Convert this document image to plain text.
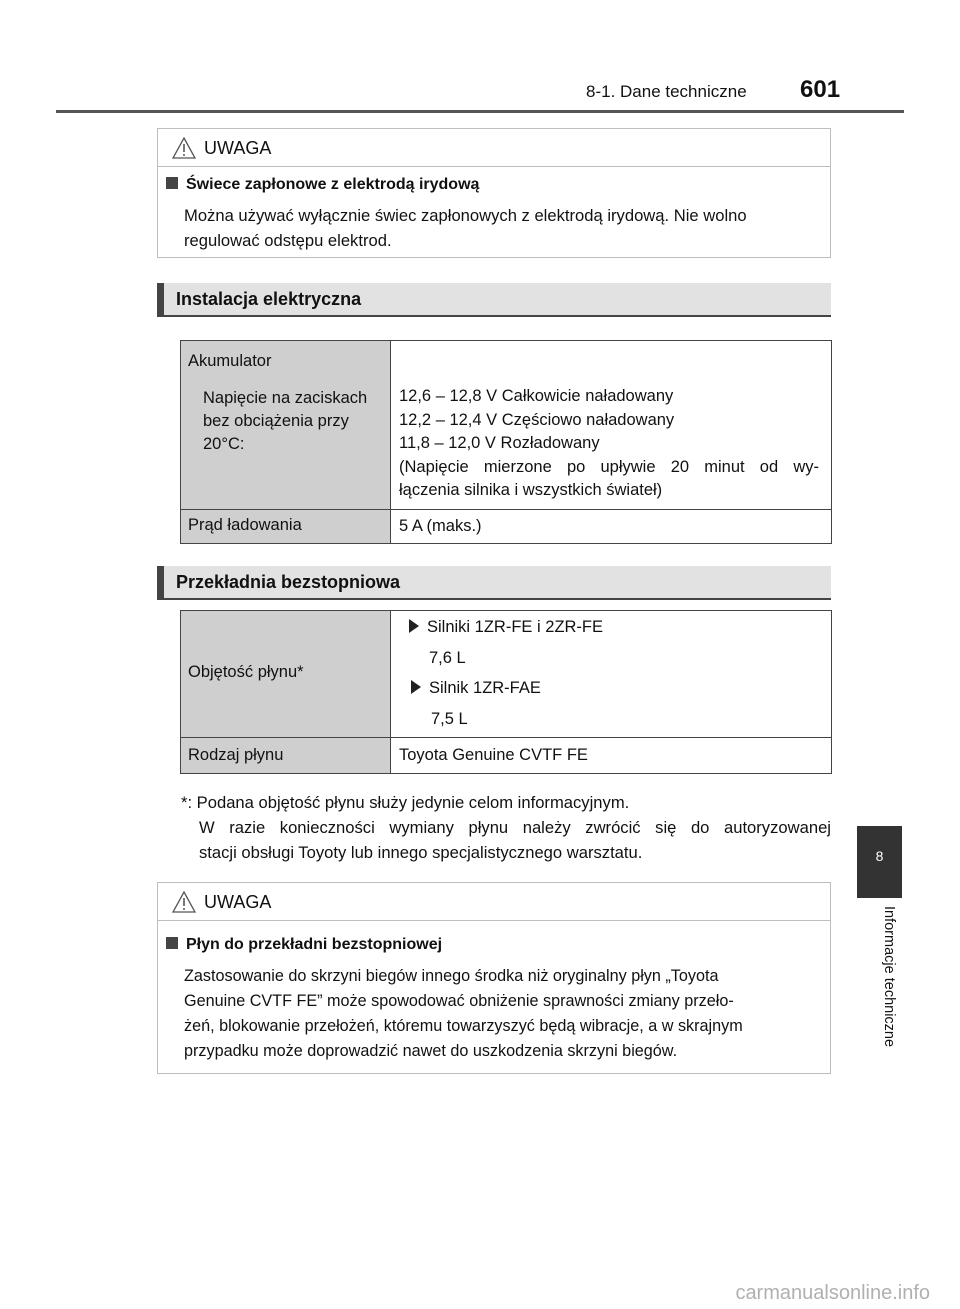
8-1. Dane techniczne 601
UWAGA
Świece zapłonowe z elektrodą irydową
Można używać wyłącznie świec zapłonowych z elektrodą irydową. Nie wolno
regulować odstępu elektrod.
Instalacja elektryczna
Akumulator
Napięcie na zaciskach
bez obciążenia przy
20°C:
12,6 – 12,8 V Całkowicie naładowany
12,2 – 12,4 V Częściowo naładowany
11,8 – 12,0 V Rozładowany
(Napięcie mierzone po upływie 20 minut od wy-
łączenia silnika i wszystkich świateł)
Prąd ładowania	5 A (maks.)
Przekładnia bezstopniowa
Objętość płynu*
Silniki 1ZR-FE i 2ZR-FE
7,6 L
Silnik 1ZR-FAE
7,5 L
Rodzaj płynu	Toyota Genuine CVTF FE
*: Podana objętość płynu służy jedynie celom informacyjnym.
W razie konieczności wymiany płynu należy zwrócić się do autoryzowanej
stacji obsługi Toyoty lub innego specjalistycznego warsztatu.
UWAGA
Płyn do przekładni bezstopniowej
Zastosowanie do skrzyni biegów innego środka niż oryginalny płyn „Toyota
Genuine CVTF FE” może spowodować obniżenie sprawności zmiany przeło-
żeń, blokowanie przełożeń, któremu towarzyszyć będą wibracje, a w skrajnym
przypadku może doprowadzić nawet do uszkodzenia skrzyni biegów.
8
Informacje techniczne
carmanualsonline.info
